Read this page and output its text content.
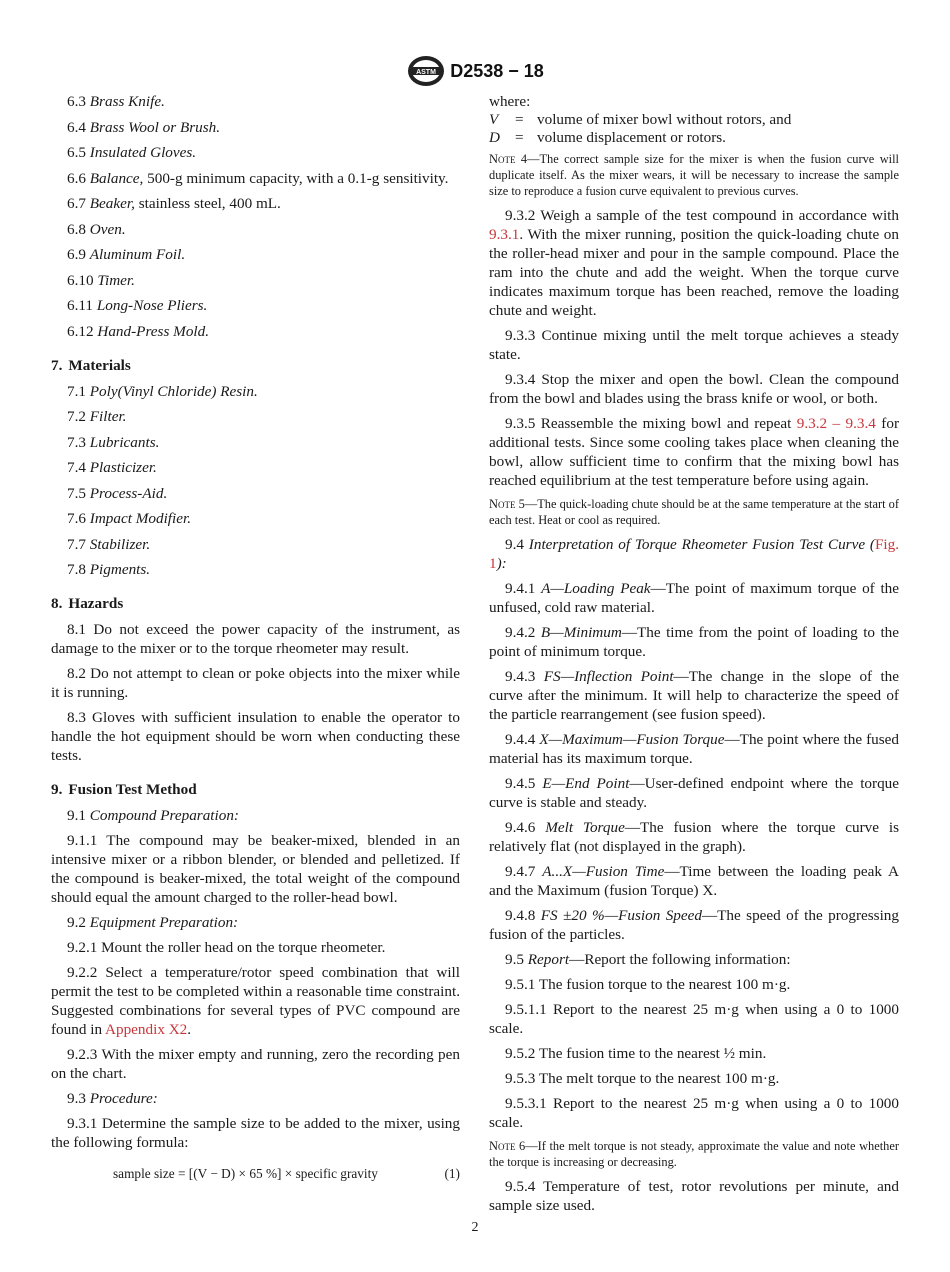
ASTM D2538 − 18

6.3 Brass Knife.

6.4 Brass Wool or Brush.

6.5 Insulated Gloves.

6.6 Balance, 500-g minimum capacity, with a 0.1-g sensitivity.

6.7 Beaker, stainless steel, 400 mL.

6.8 Oven.

6.9 Aluminum Foil.

6.10 Timer.

6.11 Long-Nose Pliers.

6.12 Hand-Press Mold.

7. Materials

7.1 Poly(Vinyl Chloride) Resin.

7.2 Filter.

7.3 Lubricants.

7.4 Plasticizer.

7.5 Process-Aid.

7.6 Impact Modifier.

7.7 Stabilizer.

7.8 Pigments.

8. Hazards

8.1 Do not exceed the power capacity of the instrument, as damage to the mixer or to the torque rheometer may result.

8.2 Do not attempt to clean or poke objects into the mixer while it is running.

8.3 Gloves with sufficient insulation to enable the operator to handle the hot equipment should be worn when conducting these tests.

9. Fusion Test Method

9.1 Compound Preparation:

9.1.1 The compound may be beaker-mixed, blended in an intensive mixer or a ribbon blender, or blended and pelletized. If the compound is beaker-mixed, the total weight of the compound should equal the amount charged to the roller-head bowl.

9.2 Equipment Preparation:

9.2.1 Mount the roller head on the torque rheometer.

9.2.2 Select a temperature/rotor speed combination that will permit the test to be completed within a reasonable time constraint. Suggested combinations for several types of PVC compound are found in Appendix X2.

9.2.3 With the mixer empty and running, zero the recording pen on the chart.

9.3 Procedure:

9.3.1 Determine the sample size to be added to the mixer, using the following formula:

sample size = [(V − D) × 65 %] × specific gravity	(1)

where:

V	= volume of mixer bowl without rotors, and
D = volume displacement or rotors.

Note 4—The correct sample size for the mixer is when the fusion curve will duplicate itself. As the mixer wears, it will be necessary to increase the sample size to reproduce a fusion curve equivalent to previous curves.

9.3.2 Weigh a sample of the test compound in accordance with 9.3.1. With the mixer running, position the quick-loading chute on the roller-head mixer and pour in the sample compound. Place the ram into the chute and add the weight. When the torque curve indicates maximum torque has been reached, remove the loading chute and weight.

9.3.3 Continue mixing until the melt torque achieves a steady state.

9.3.4 Stop the mixer and open the bowl. Clean the compound from the bowl and blades using the brass knife or wool, or both.

9.3.5 Reassemble the mixing bowl and repeat 9.3.2 – 9.3.4 for additional tests. Since some cooling takes place when cleaning the bowl, allow sufficient time to confirm that the mixing bowl has reached equilibrium at the test temperature before using again.

Note 5—The quick-loading chute should be at the same temperature at the start of each test. Heat or cool as required.

9.4 Interpretation of Torque Rheometer Fusion Test Curve (Fig. 1):

9.4.1 A—Loading Peak—The point of maximum torque of the unfused, cold raw material.

9.4.2 B—Minimum—The time from the point of loading to the point of minimum torque.

9.4.3 FS—Inflection Point—The change in the slope of the curve after the minimum. It will help to characterize the speed of the particle rearrangement (see fusion speed).

9.4.4 X—Maximum—Fusion Torque—The point where the fused material has its maximum torque.

9.4.5 E—End Point—User-defined endpoint where the torque curve is stable and steady.

9.4.6 Melt Torque—The fusion where the torque curve is relatively flat (not displayed in the graph).

9.4.7 A...X—Fusion Time—Time between the loading peak A and the Maximum (fusion Torque) X.

9.4.8 FS ±20 %—Fusion Speed—The speed of the progressing fusion of the particles.

9.5 Report—Report the following information:

9.5.1 The fusion torque to the nearest 100 m·g.

9.5.1.1 Report to the nearest 25 m·g when using a 0 to 1000 scale.

9.5.2 The fusion time to the nearest ½ min.

9.5.3 The melt torque to the nearest 100 m·g.

9.5.3.1 Report to the nearest 25 m·g when using a 0 to 1000 scale.

Note 6—If the melt torque is not steady, approximate the value and note whether the torque is increasing or decreasing.

9.5.4 Temperature of test, rotor revolutions per minute, and sample size used.

2
